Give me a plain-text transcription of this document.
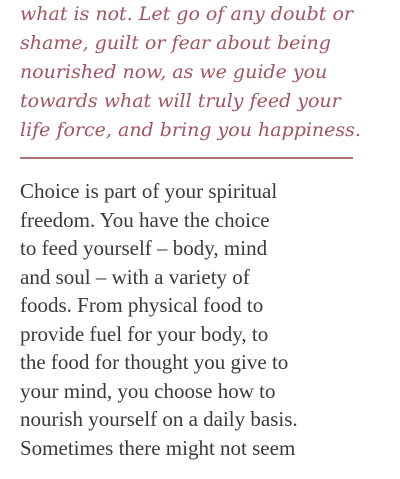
what is not. Let go of any doubt or
shame, guilt or fear about being
nourished now, as we guide you
towards what will truly feed your
life force, and bring you happiness.

Choice is part of your spiritual
freedom. You have the choice
to feed yourself – body, mind
and soul – with a variety of
foods. From physical food to
provide fuel for your body, to
the food for thought you give to
your mind, you choose how to
nourish yourself on a daily basis.
Sometimes there might not seem
